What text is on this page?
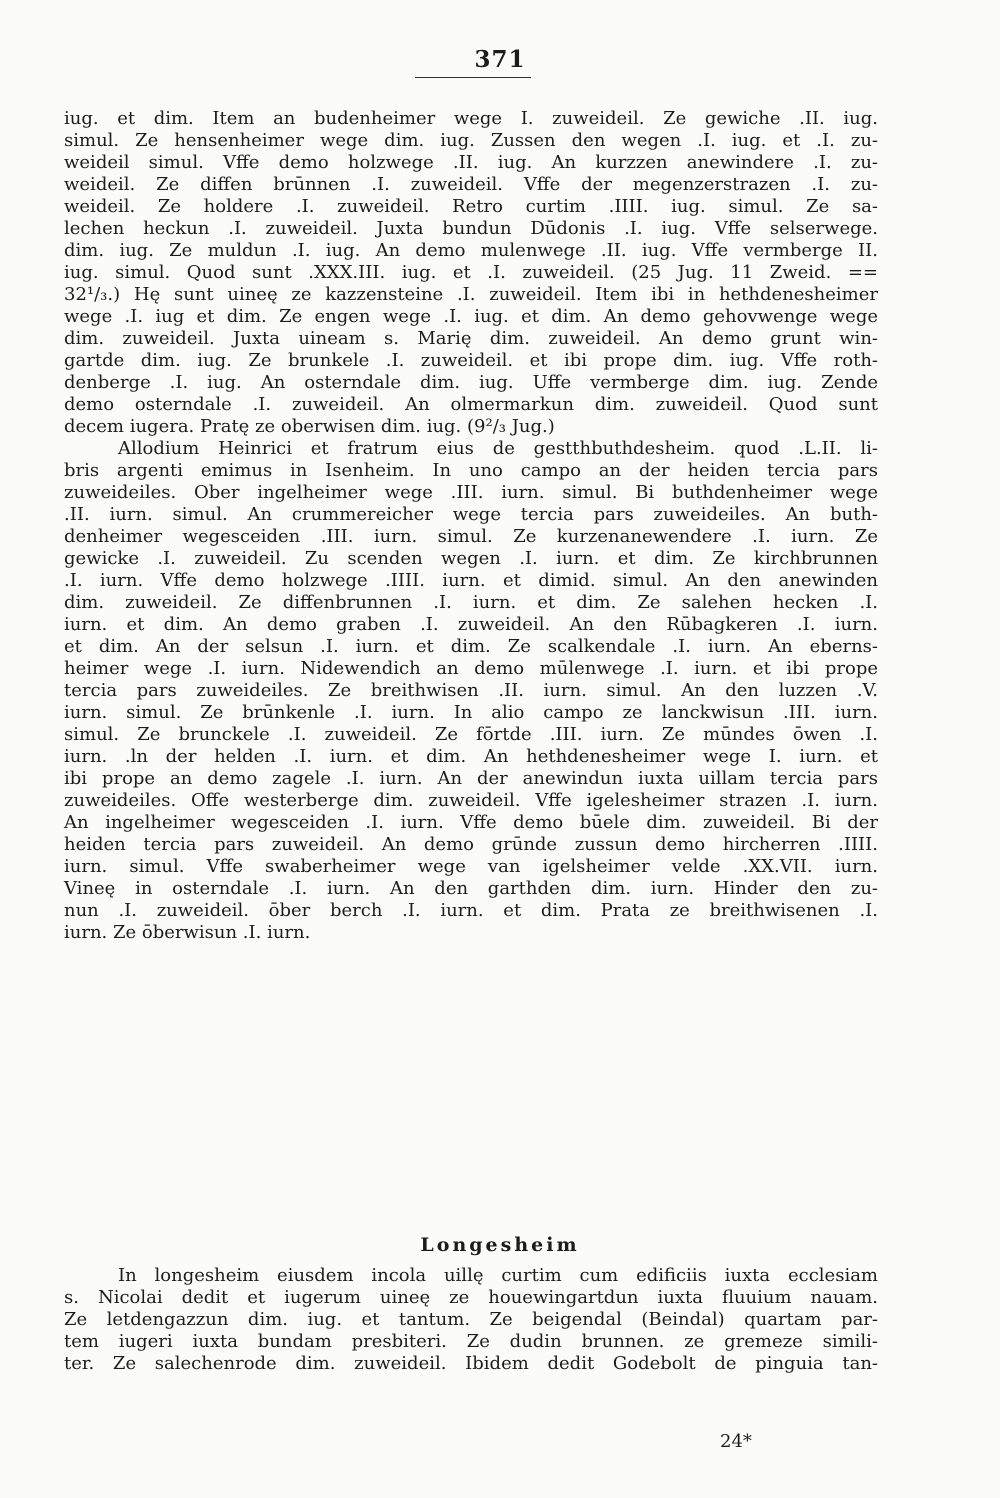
371
iug. et dim. Item an budenheimer wege I. zuweideil. Ze gewiche .II. iug.
simul. Ze hensenheimer wege dim. iug. Zussen den wegen .I. iug. et .I. zu-
weideil simul. Vffe demo holzwege .II. iug. An kurzzen anewindere .I. zu-
weideil. Ze diffen brūnnen .I. zuweideil. Vffe der megenzerstrazen .I. zu-
weideil. Ze holdere .I. zuweideil. Retro curtim .IIII. iug. simul. Ze sa-
lechen heckun .I. zuweideil. Juxta bundun Dūdonis .I. iug. Vffe selserwege.
dim. iug. Ze muldun .I. iug. An demo mulenwege .II. iug. Vffe vermberge II.
iug. simul. Quod sunt .XXX.III. iug. et .I. zuweideil. (25 Jug. 11 Zweid. ==
32¹/₃.) Hę sunt uineę ze kazzensteine .I. zuweideil. Item ibi in hethdenesheimer
wege .I. iug et dim. Ze engen wege .I. iug. et dim. An demo gehovwenge wege
dim. zuweideil. Juxta uineam s. Marię dim. zuweideil. An demo grunt win-
gartde dim. iug. Ze brunkele .I. zuweideil. et ibi prope dim. iug. Vffe roth-
denberge .I. iug. An osterndale dim. iug. Uffe vermberge dim. iug. Zende
demo osterndale .I. zuweideil. An olmermarkun dim. zuweideil. Quod sunt
decem iugera. Pratę ze oberwisen dim. iug. (9²/₃ Jug.)
Allodium Heinrici et fratrum eius de gestthbuthdesheim. quod .L.II. li-
bris argenti emimus in Isenheim. In uno campo an der heiden tercia pars
zuweideiles. Ober ingelheimer wege .III. iurn. simul. Bi buthdenheimer wege
.II. iurn. simul. An crummereicher wege tercia pars zuweideiles. An buth-
denheimer wegesceiden .III. iurn. simul. Ze kurzenanewendere .I. iurn. Ze
gewicke .I. zuweideil. Zu scenden wegen .I. iurn. et dim. Ze kirchbrunnen
.I. iurn. Vffe demo holzwege .IIII. iurn. et dimid. simul. An den anewinden
dim. zuweideil. Ze diffenbrunnen .I. iurn. et dim. Ze salehen hecken .I.
iurn. et dim. An demo graben .I. zuweideil. An den Rūbagkeren .I. iurn.
et dim. An der selsun .I. iurn. et dim. Ze scalkendale .I. iurn. An eberns-
heimer wege .I. iurn. Nidewendich an demo mūlenwege .I. iurn. et ibi prope
tercia pars zuweideiles. Ze breithwisen .II. iurn. simul. An den luzzen .V.
iurn. simul. Ze brūnkenle .I. iurn. In alio campo ze lanckwisun .III. iurn.
simul. Ze brunckele .I. zuweideil. Ze fōrtde .III. iurn. Ze mūndes ōwen .I.
iurn. .ln der helden .I. iurn. et dim. An hethdenesheimer wege I. iurn. et
ibi prope an demo zagele .I. iurn. An der anewindun iuxta uillam tercia pars
zuweideiles. Offe westerberge dim. zuweideil. Vffe igelesheimer strazen .I. iurn.
An ingelheimer wegesceiden .I. iurn. Vffe demo būele dim. zuweideil. Bi der
heiden tercia pars zuweideil. An demo grūnde zussun demo hircherren .IIII.
iurn. simul. Vffe swaberheimer wege van igelsheimer velde .XX.VII. iurn.
Vineę in osterndale .I. iurn. An den garthden dim. iurn. Hinder den zu-
nun .I. zuweideil. ōber berch .I. iurn. et dim. Prata ze breithwisenen .I.
iurn. Ze ōberwisun .I. iurn.
Longesheim
In longesheim eiusdem incola uillę curtim cum edificiis iuxta ecclesiam
s. Nicolai dedit et iugerum uineę ze houewingartdun iuxta fluuium nauam.
Ze letdengazzun dim. iug. et tantum. Ze beigendal (Beindal) quartam par-
tem iugeri iuxta bundam presbiteri. Ze dudin brunnen. ze gremeze simili-
ter. Ze salechenrode dim. zuweideil. Ibidem dedit Godebolt de pinguia tan-
24*
